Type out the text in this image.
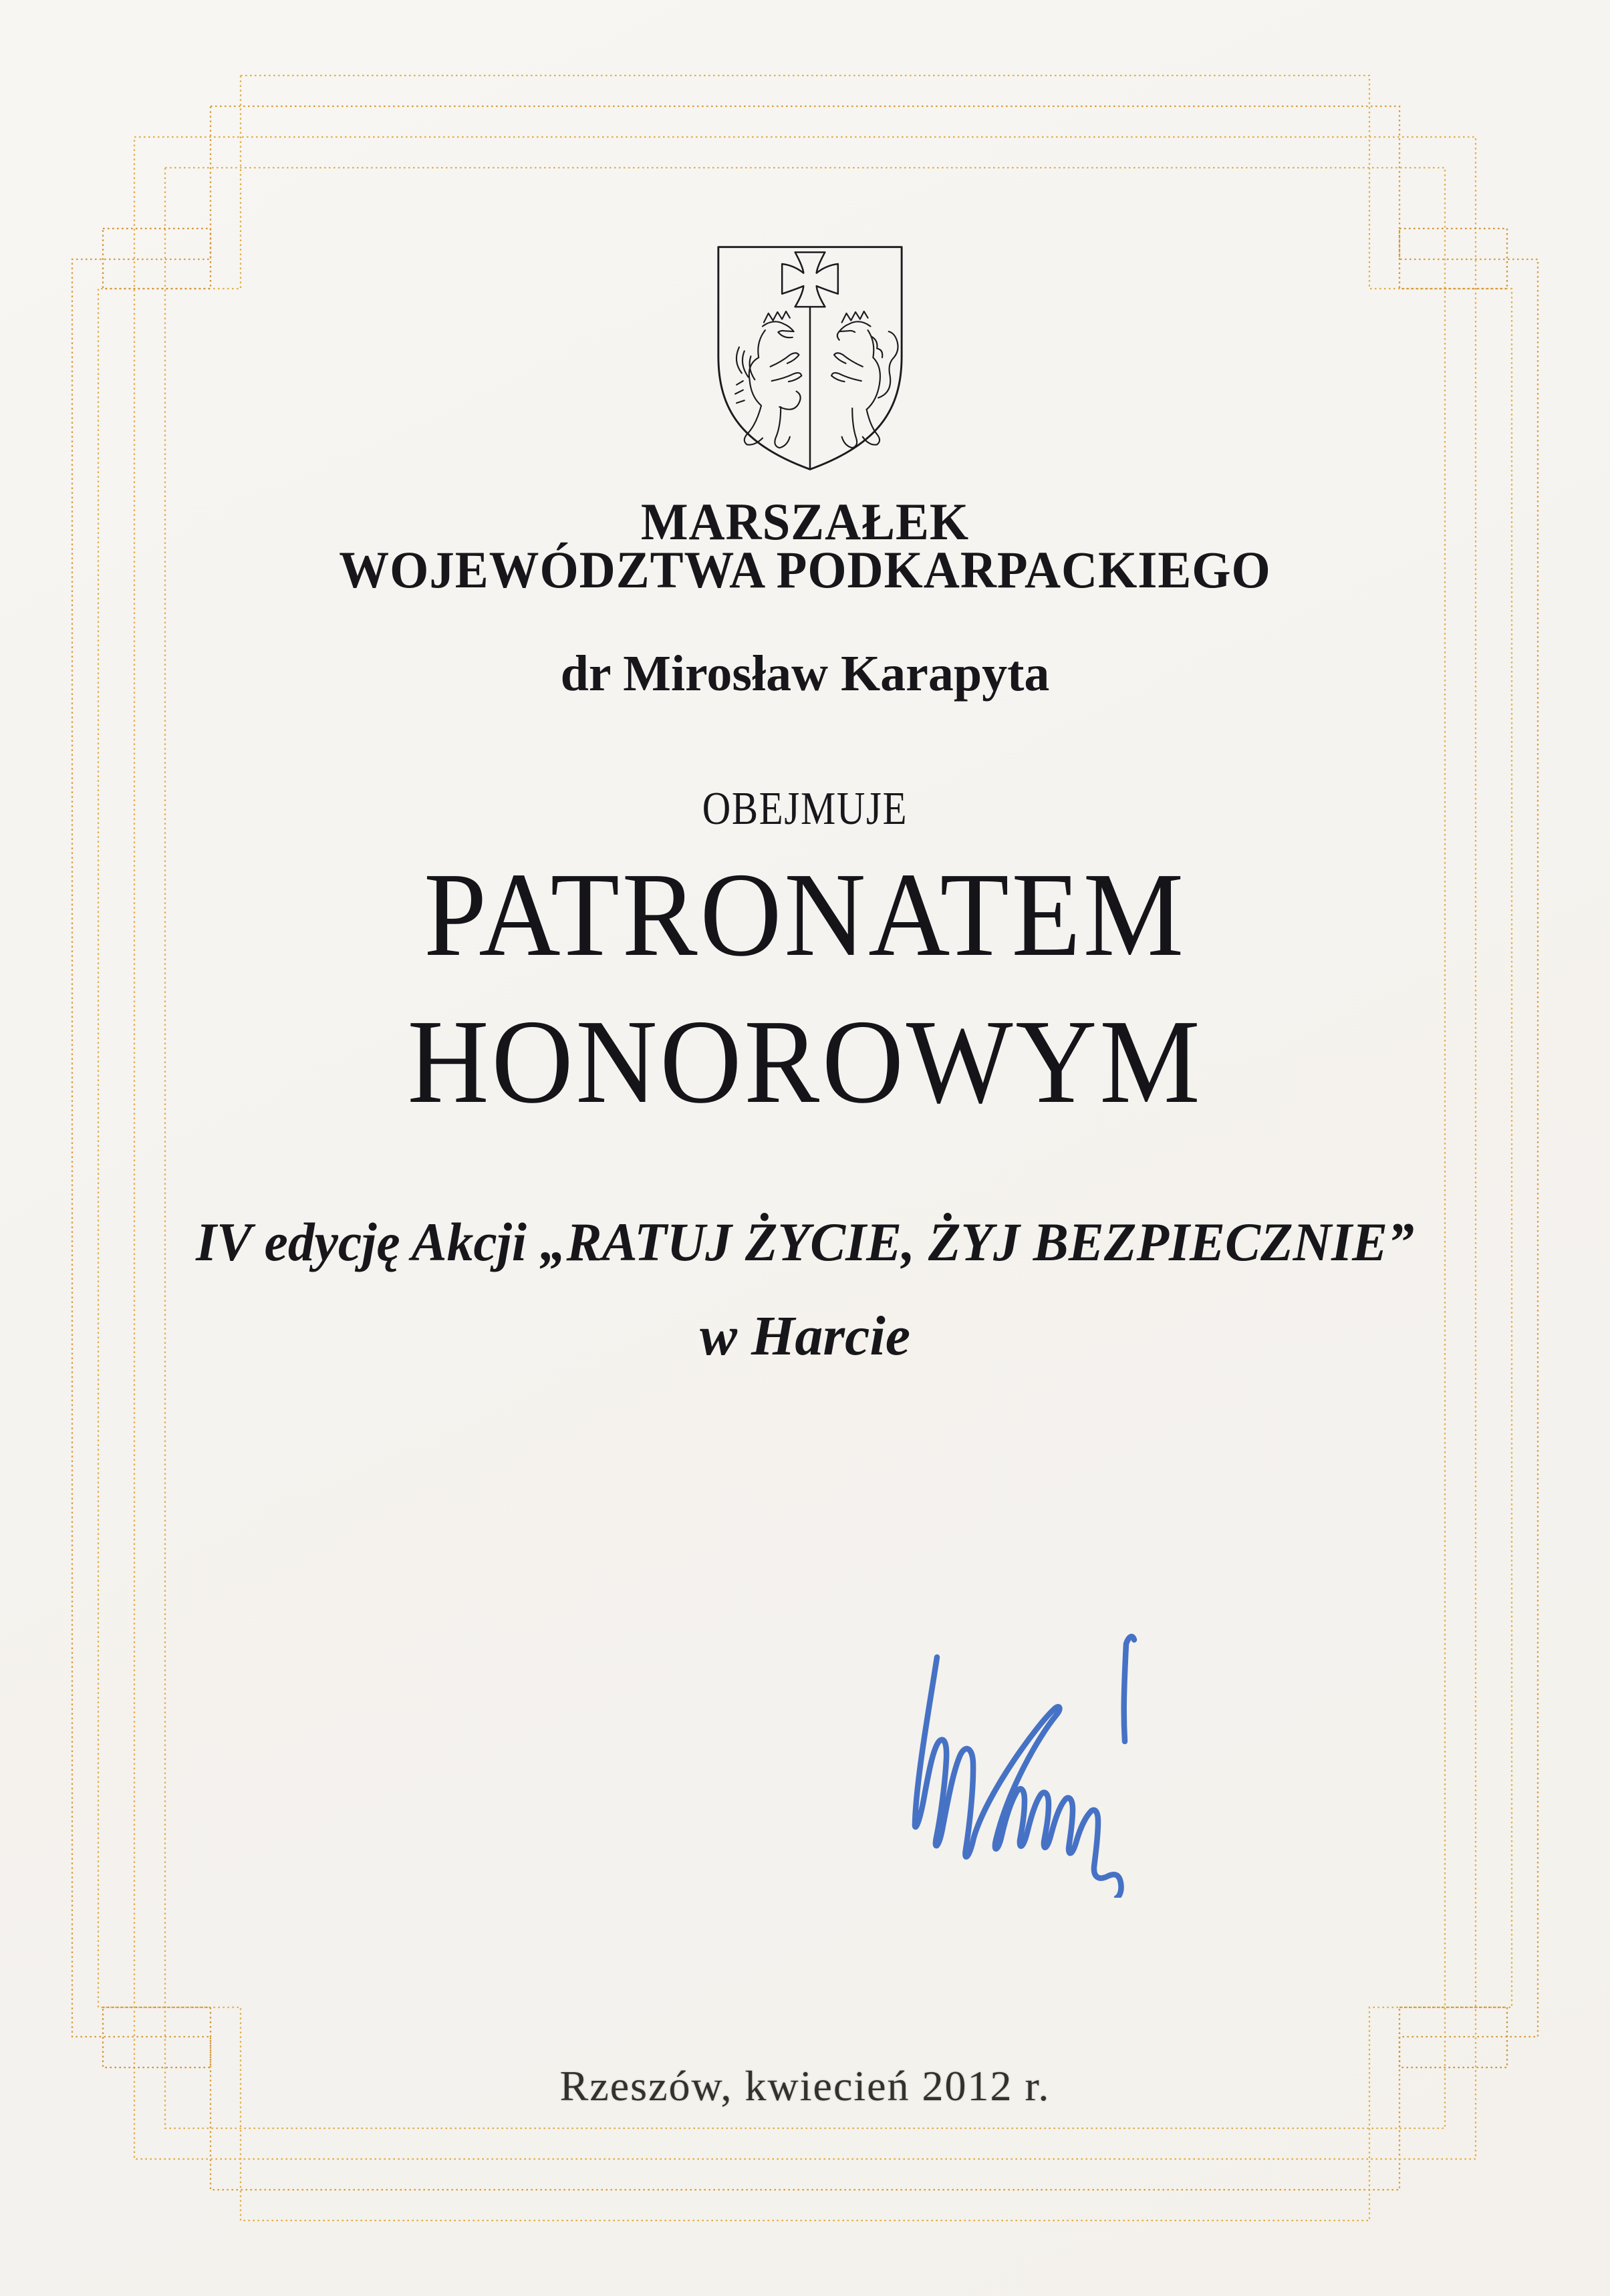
MARSZAŁEK
WOJEWÓDZTWA PODKARPACKIEGO
dr Mirosław Karapyta
OBEJMUJE
PATRONATEM
HONOROWYM
IV edycję Akcji „RATUJ ŻYCIE, ŻYJ BEZPIECZNIE”
w Harcie
Rzeszów, kwiecień 2012 r.
